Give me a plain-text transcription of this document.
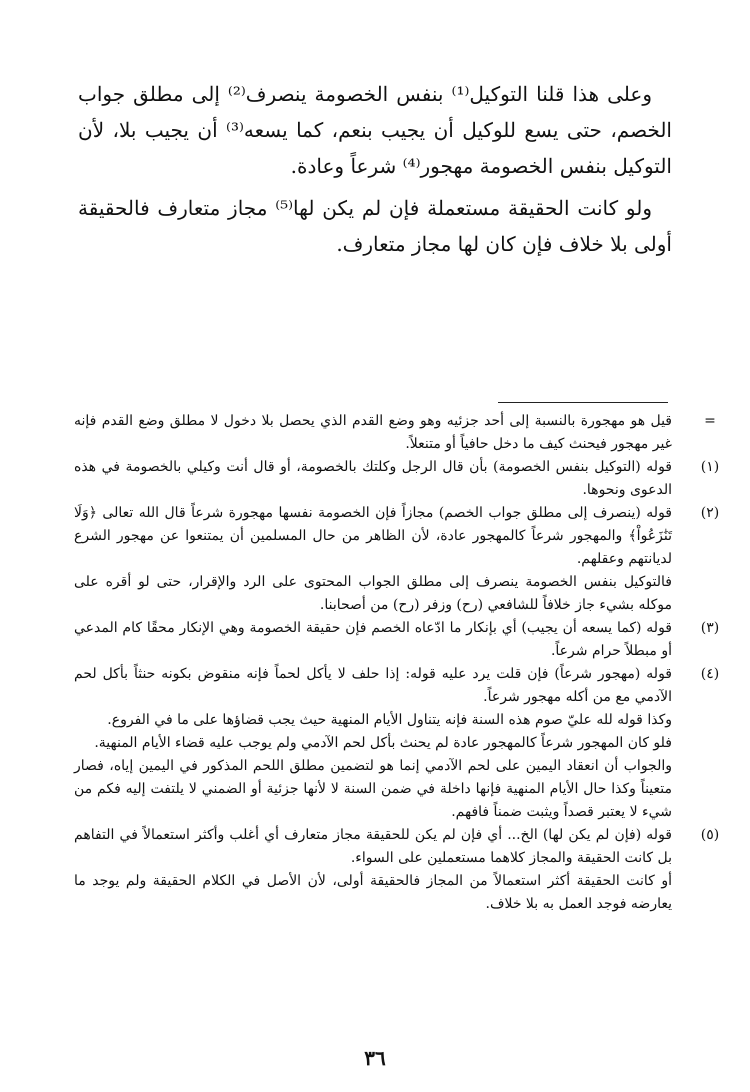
وعلى هذا قلنا التوكيل⁽¹⁾ بنفس الخصومة ينصرف⁽²⁾ إلى مطلق جواب الخصم، حتى يسع للوكيل أن يجيب بنعم، كما يسعه⁽³⁾ أن يجيب بلا، لأن التوكيل بنفس الخصومة مهجور⁽⁴⁾ شرعاً وعادة.

ولو كانت الحقيقة مستعملة فإن لم يكن لها⁽⁵⁾ مجاز متعارف فالحقيقة أولى بلا خلاف فإن كان لها مجاز متعارف.

=

قيل هو مهجورة بالنسبة إلى أحد جزئيه وهو وضع القدم الذي يحصل بلا دخول لا مطلق وضع القدم فإنه غير مهجور فيحنث كيف ما دخل حافياً أو متنعلاً.

(١)

قوله (التوكيل بنفس الخصومة) بأن قال الرجل وكلتك بالخصومة، أو قال أنت وكيلي بالخصومة في هذه الدعوى ونحوها.

(٢)

قوله (ينصرف إلى مطلق جواب الخصم) مجازاً فإن الخصومة نفسها مهجورة شرعاً قال الله تعالى ﴿وَلَا تَنَٰزَعُواْ﴾ والمهجور شرعاً كالمهجور عادة، لأن الظاهر من حال المسلمين أن يمتنعوا عن مهجور الشرع لديانتهم وعقلهم.

فالتوكيل بنفس الخصومة ينصرف إلى مطلق الجواب المحتوى على الرد والإقرار، حتى لو أقره على موكله بشيء جاز خلافاً للشافعي (رح) وزفر (رح) من أصحابنا.

(٣)

قوله (كما يسعه أن يجيب) أي بإنكار ما ادّعاه الخصم فإن حقيقة الخصومة وهي الإنكار محقًا كام المدعي أو مبطلاً حرام شرعاً.

(٤)

قوله (مهجور شرعاً) فإن قلت يرد عليه قوله: إذا حلف لا يأكل لحماً فإنه منقوض بكونه حنثاً بأكل لحم الآدمي مع من أكله مهجور شرعاً.

وكذا قوله لله عليّ صوم هذه السنة فإنه يتناول الأيام المنهية حيث يجب قضاؤها على ما في الفروع.

فلو كان المهجور شرعاً كالمهجور عادة لم يحنث بأكل لحم الآدمي ولم يوجب عليه قضاء الأيام المنهية.

والجواب أن انعقاد اليمين على لحم الآدمي إنما هو لتضمين مطلق اللحم المذكور في اليمين إياه، فصار متعيناً وكذا حال الأيام المنهية فإنها داخلة في ضمن السنة لا لأنها جزئية أو الضمني لا يلتفت إليه فكم من شيء لا يعتبر قصداً ويثبت ضمناً فافهم.

(٥)

قوله (فإن لم يكن لها) الخ... أي فإن لم يكن للحقيقة مجاز متعارف أي أغلب وأكثر استعمالاً في التفاهم بل كانت الحقيقة والمجاز كلاهما مستعملين على السواء.

أو كانت الحقيقة أكثر استعمالاً من المجاز فالحقيقة أولى، لأن الأصل في الكلام الحقيقة ولم يوجد ما يعارضه فوجد العمل به بلا خلاف.

٣٦
